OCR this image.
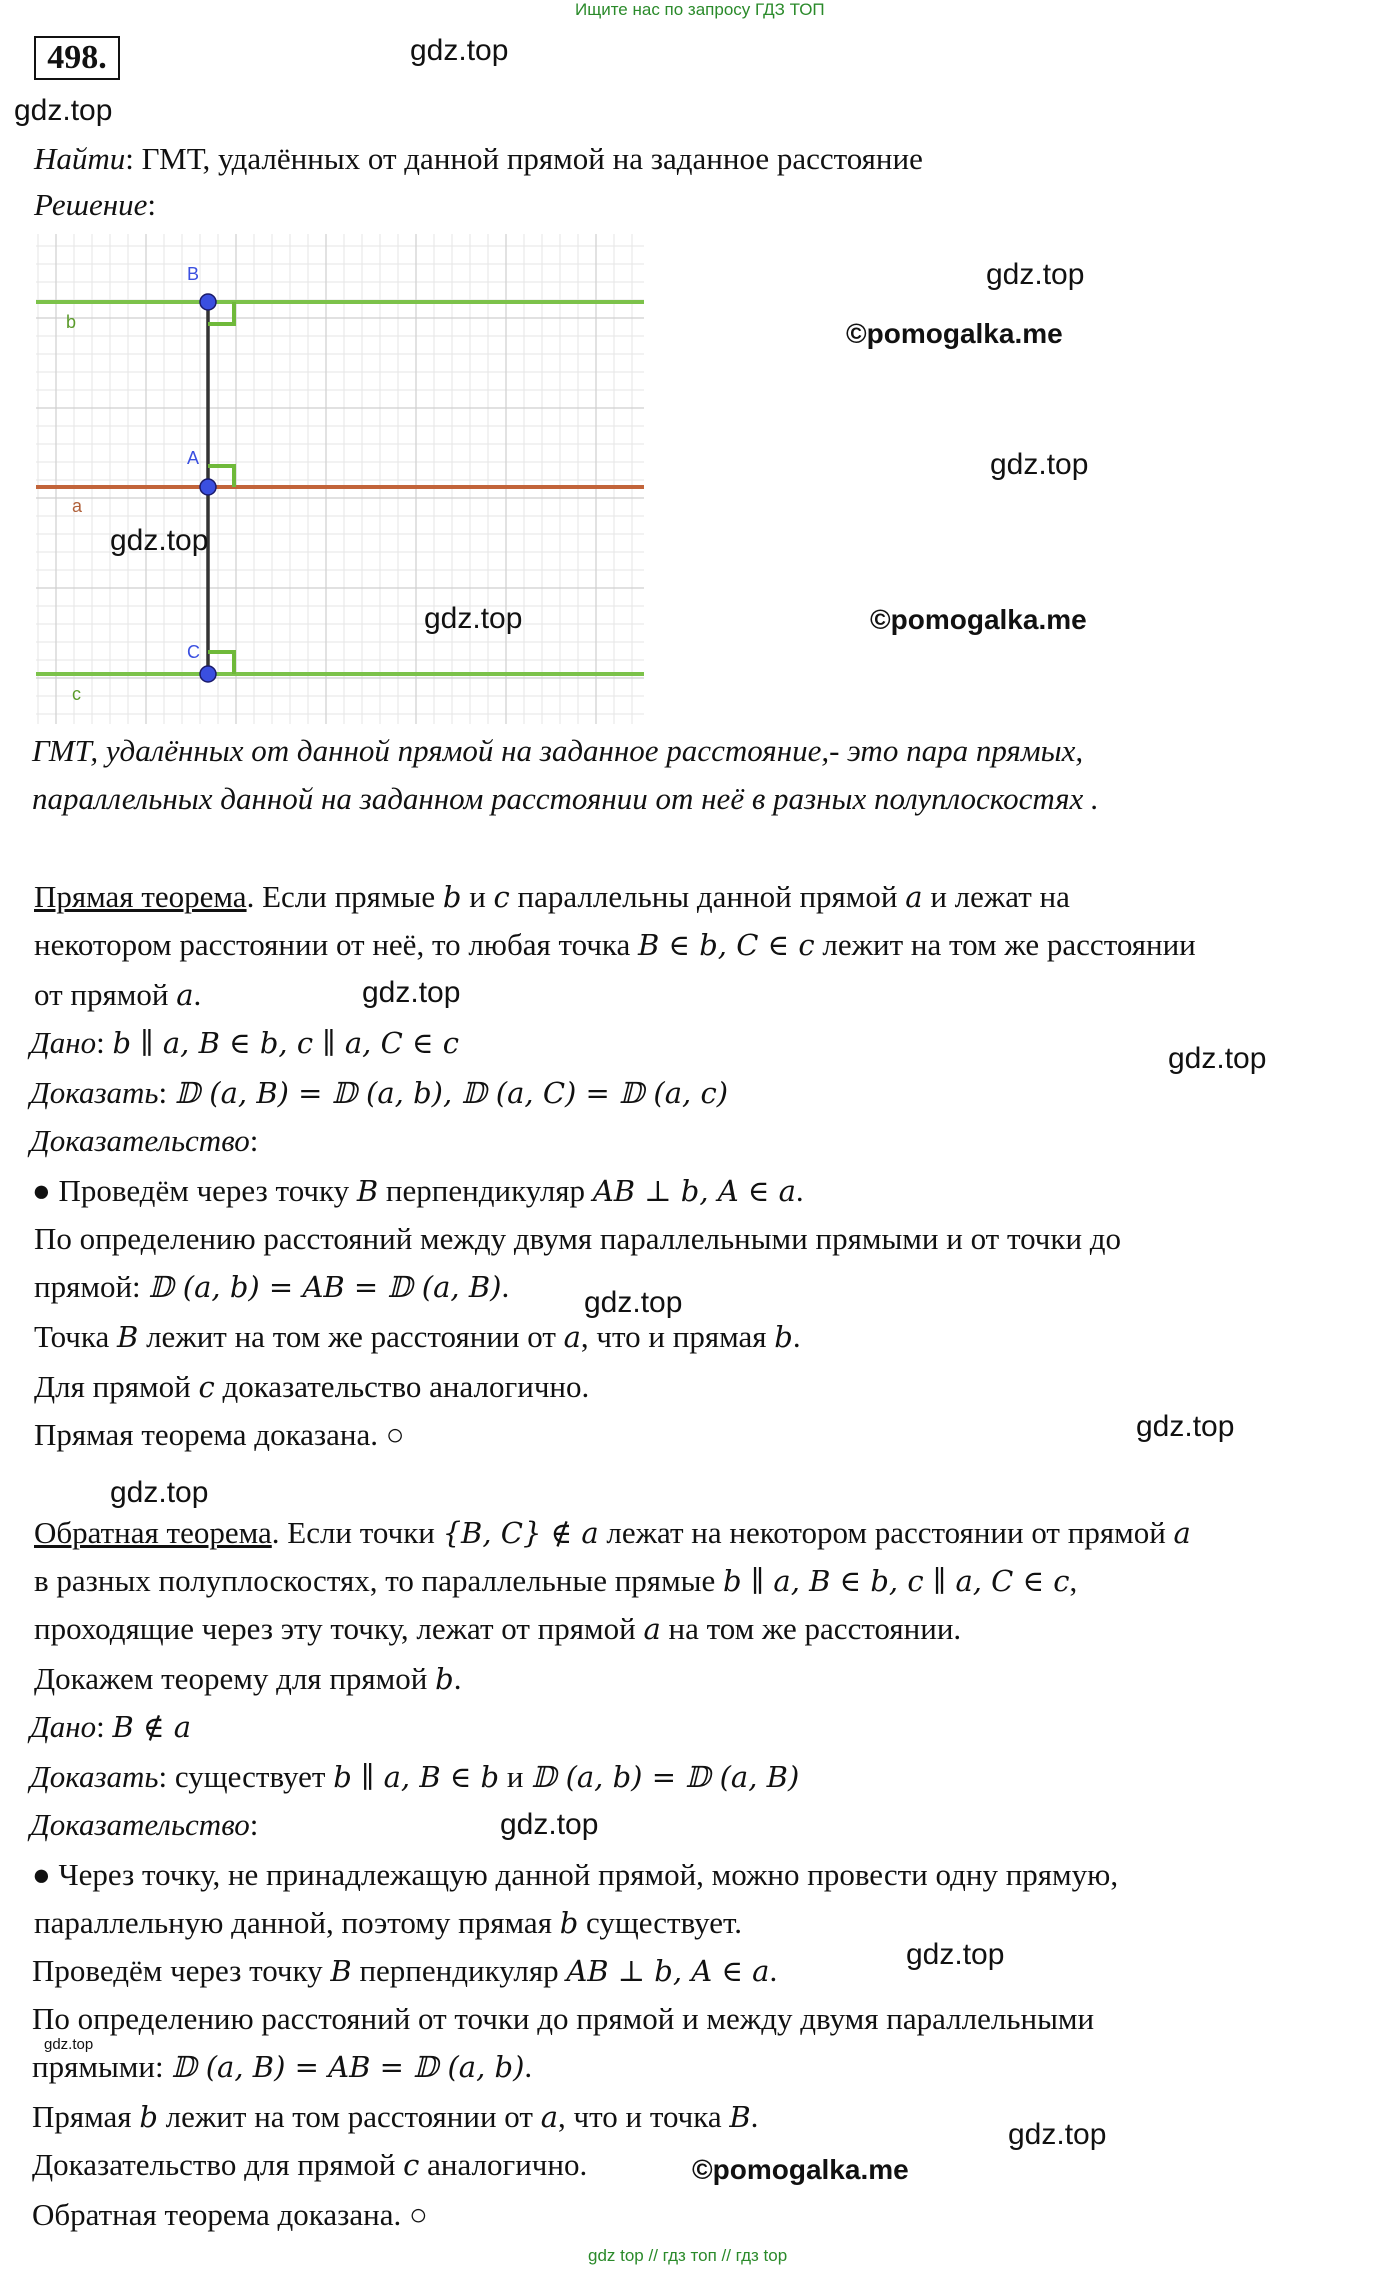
Ищите нас по запросу ГДЗ ТОП
498.	gdz.top
gdz.top
Найти: ГМТ, удалённых от данной прямой на заданное расстояние
Решение:
B
A
C
b
a
c
gdz.top
gdz.top
gdz.top
©pomogalka.me
gdz.top
©pomogalka.me
ГМТ, удалённых от данной прямой на заданное расстояние,- это пара прямых,
параллельных данной на заданном расстоянии от неё в разных полуплоскостях .
Прямая теорема. Если прямые b и c параллельны данной прямой a и лежат на
некотором расстоянии от неё, то любая точка B ∈ b, C ∈ c лежит на том же расстоянии
от прямой a.	gdz.top
Дано: b ∥ a, B ∈ b, c ∥ a, C ∈ c	gdz.top
Доказать: 𝔻 (a, B) = 𝔻 (a, b), 𝔻 (a, C) = 𝔻 (a, c)
Доказательство:
● Проведём через точку B перпендикуляр AB ⊥ b, A ∈ a.
По определению расстояний между двумя параллельными прямыми и от точки до
прямой: 𝔻 (a, b) = AB = 𝔻 (a, B). gdz.top
Точка B лежит на том же расстоянии от a, что и прямая b.
Для прямой c доказательство аналогично.
Прямая теорема доказана. ○	gdz.top
gdz.top
Обратная теорема. Если точки {B, C} ∉ a лежат на некотором расстоянии от прямой a
в разных полуплоскостях, то параллельные прямые b ∥ a, B ∈ b, c ∥ a, C ∈ c,
проходящие через эту точку, лежат от прямой a на том же расстоянии.
Докажем теорему для прямой b.
Дано: B ∉ a
Доказать: существует b ∥ a, B ∈ b и 𝔻 (a, b) = 𝔻 (a, B)
Доказательство:	gdz.top
● Через точку, не принадлежащую данной прямой, можно провести одну прямую,
параллельную данной, поэтому прямая b существует.
gdz.top
Проведём через точку B перпендикуляр AB ⊥ b, A ∈ a.
По определению расстояний от точки до прямой и между двумя параллельными
gdz.top
прямыми: 𝔻 (a, B) = AB = 𝔻 (a, b).
Прямая b лежит на том расстоянии от a, что и точка B.
gdz.top
Доказательство для прямой c аналогично.	©pomogalka.me
Обратная теорема доказана. ○
gdz top // гдз топ // гдз top
